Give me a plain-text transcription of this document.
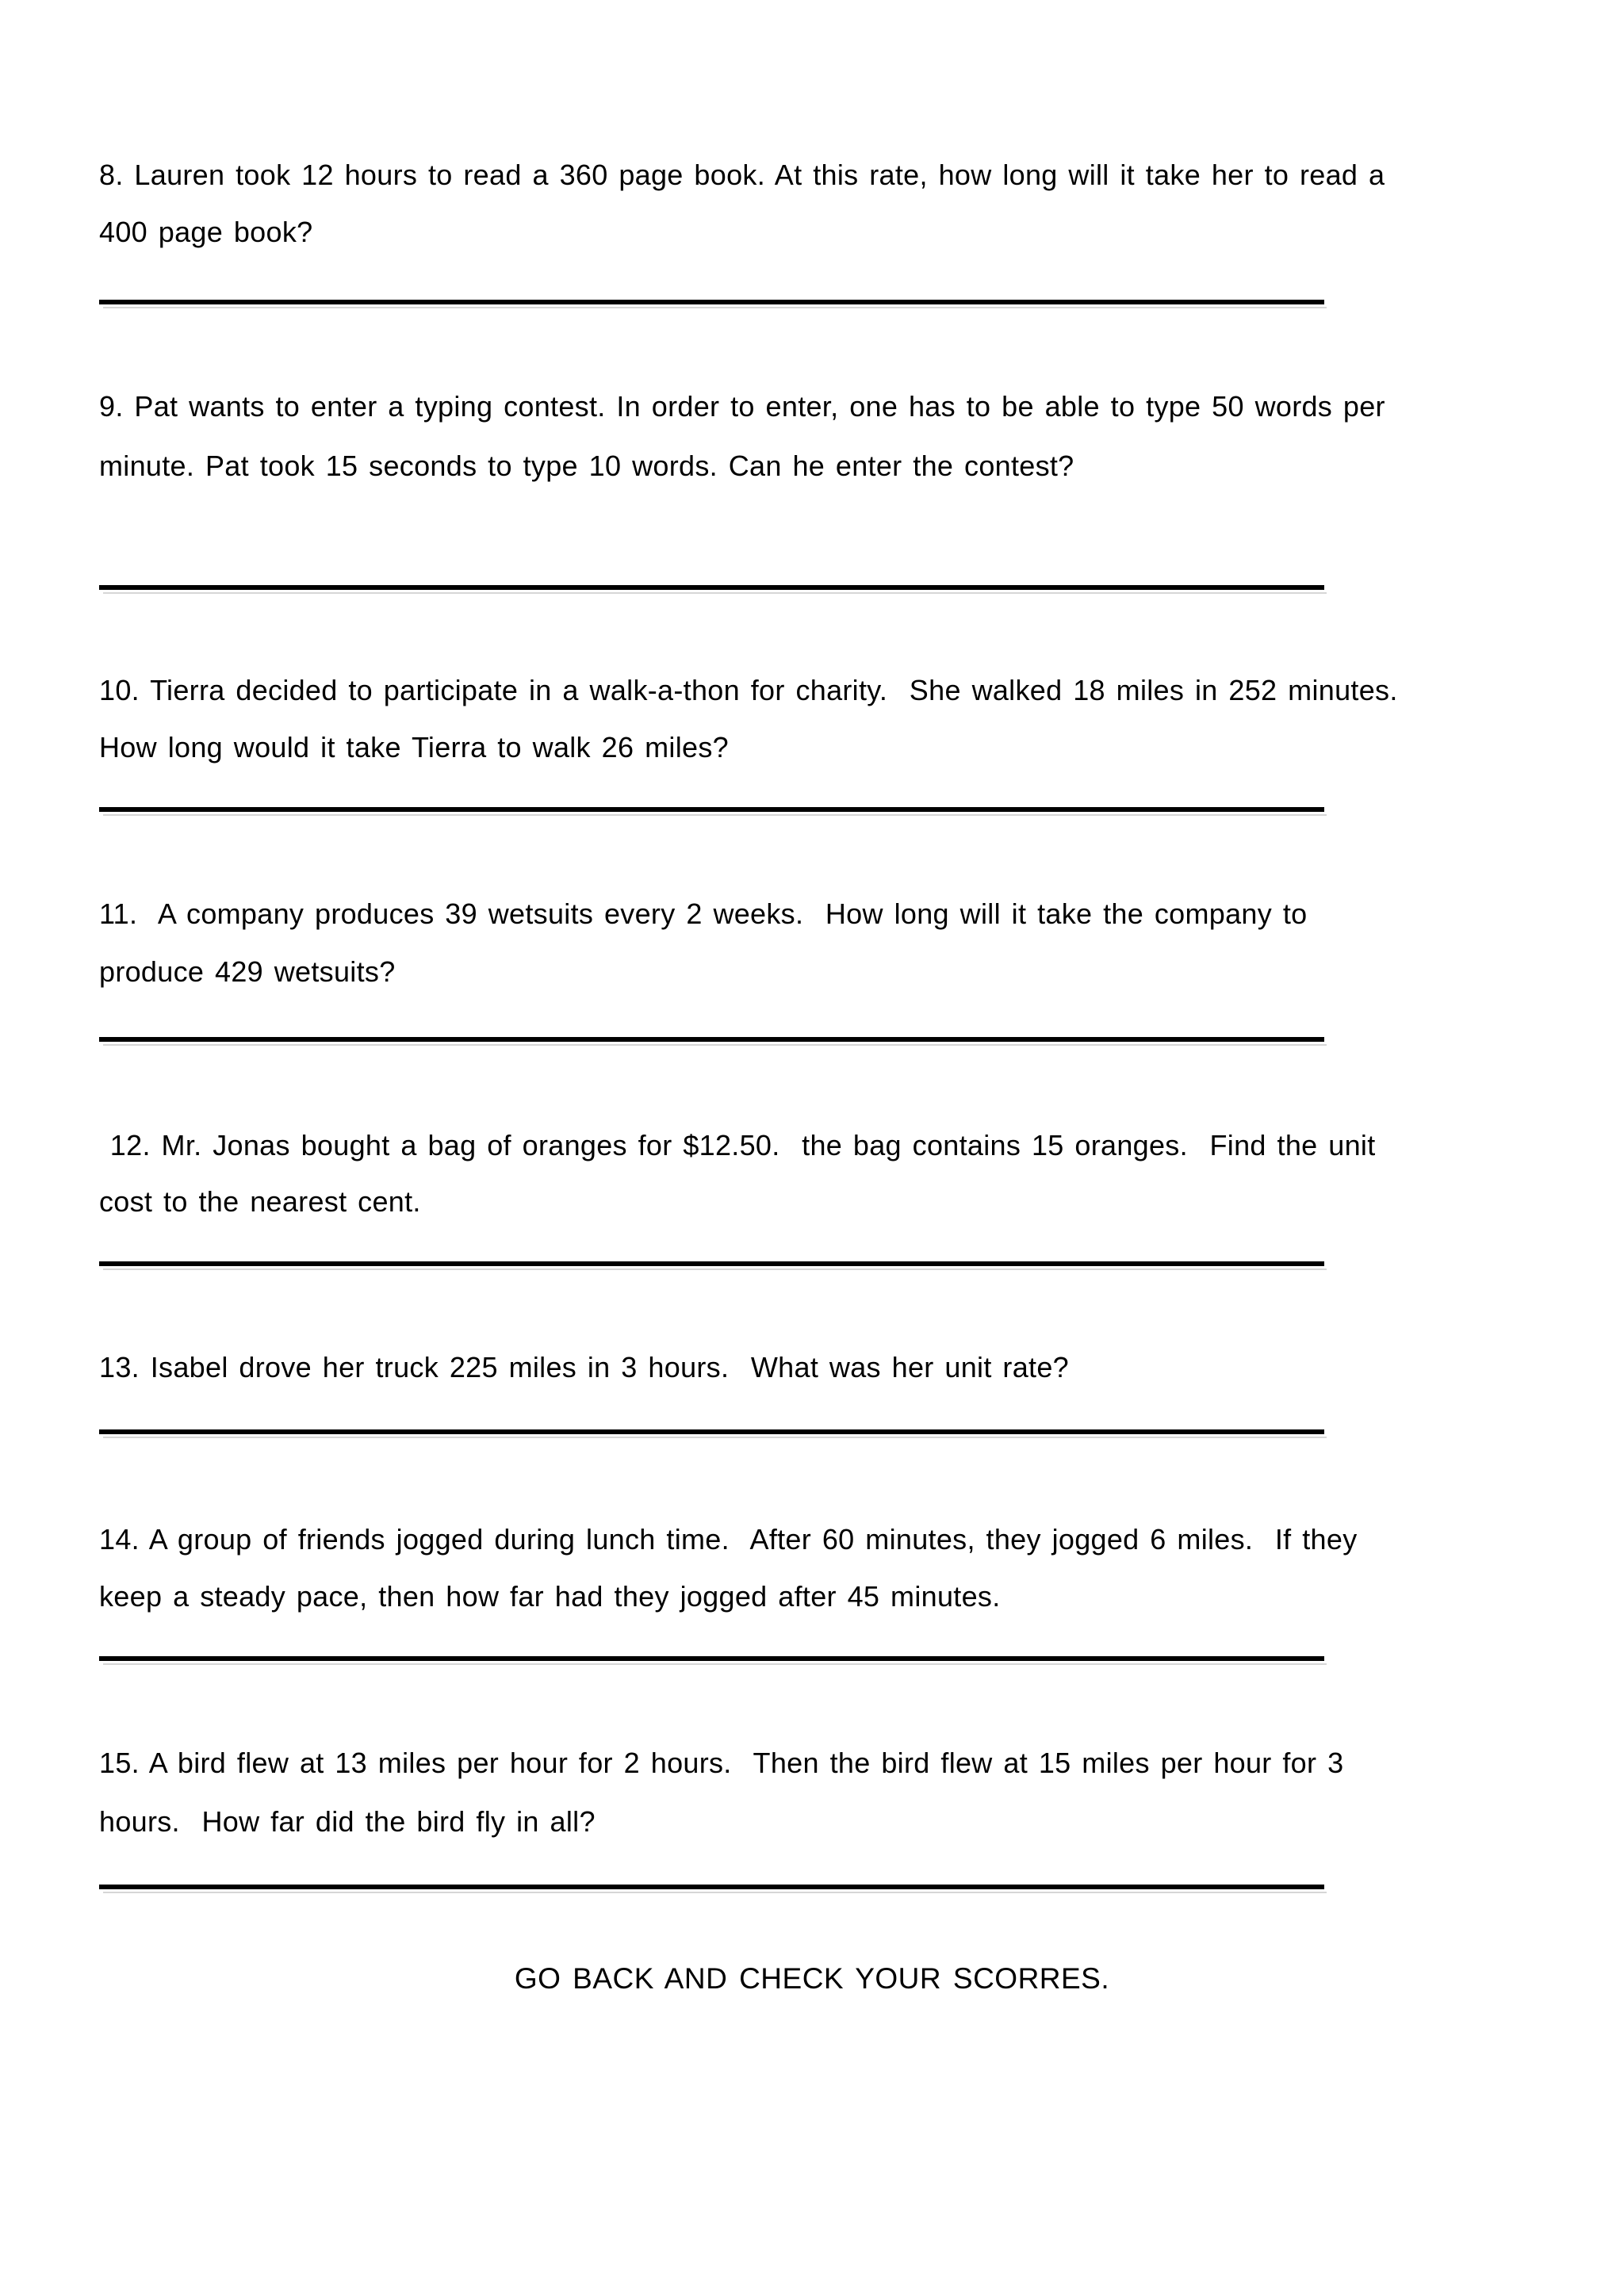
8. Lauren took 12 hours to read a 360 page book. At this rate, how long will it take her to read a
400 page book?
9. Pat wants to enter a typing contest. In order to enter, one has to be able to type 50 words per
minute. Pat took 15 seconds to type 10 words. Can he enter the contest?
10. Tierra decided to participate in a walk-a-thon for charity.  She walked 18 miles in 252 minutes.
How long would it take Tierra to walk 26 miles?
11.  A company produces 39 wetsuits every 2 weeks.  How long will it take the company to
produce 429 wetsuits?
12. Mr. Jonas bought a bag of oranges for $12.50.  the bag contains 15 oranges.  Find the unit
cost to the nearest cent.
13. Isabel drove her truck 225 miles in 3 hours.  What was her unit rate?
14. A group of friends jogged during lunch time.  After 60 minutes, they jogged 6 miles.  If they
keep a steady pace, then how far had they jogged after 45 minutes.
15. A bird flew at 13 miles per hour for 2 hours.  Then the bird flew at 15 miles per hour for 3
hours.  How far did the bird fly in all?
GO BACK AND CHECK YOUR SCORRES.
